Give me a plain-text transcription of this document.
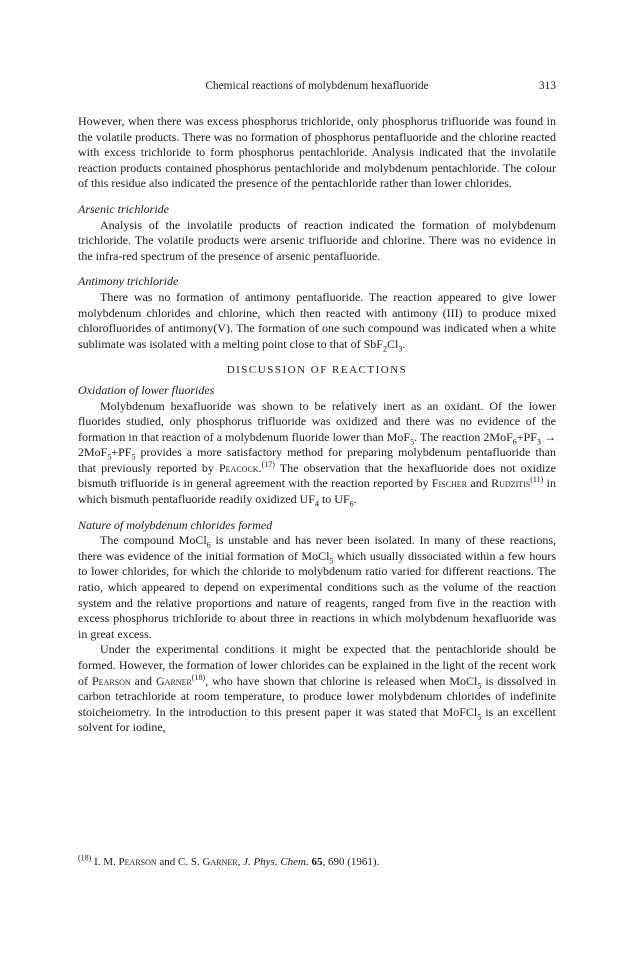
Chemical reactions of molybdenum hexafluoride	313

However, when there was excess phosphorus trichloride, only phosphorus trifluoride was found in the volatile products. There was no formation of phosphorus pentafluoride and the chlorine reacted with excess trichloride to form phosphorus pentachloride. Analysis indicated that the involatile reaction products contained phosphorus pentachloride and molybdenum pentachloride. The colour of this residue also indicated the presence of the pentachloride rather than lower chlorides.

Arsenic trichloride

Analysis of the involatile products of reaction indicated the formation of molybdenum trichloride. The volatile products were arsenic trifluoride and chlorine. There was no evidence in the infra-red spectrum of the presence of arsenic pentafluoride.

Antimony trichloride

There was no formation of antimony pentafluoride. The reaction appeared to give lower molybdenum chlorides and chlorine, which then reacted with antimony (III) to produce mixed chlorofluorides of antimony(V). The formation of one such compound was indicated when a white sublimate was isolated with a melting point close to that of $SbF_2Cl_3$.

DISCUSSION OF REACTIONS

Oxidation of lower fluorides

Molybdenum hexafluoride was shown to be relatively inert as an oxidant. Of the lower fluorides studied, only phosphorus trifluoride was oxidized and there was no evidence of the formation in that reaction of a molybdenum fluoride lower than MoF$_5$. The reaction $2MoF_6+PF_3 \to 2MoF_5+PF_5$ provides a more satisfactory method for preparing molybdenum pentafluoride than that previously reported by Peacock.$^{(17)}$ The observation that the hexafluoride does not oxidize bismuth trifluoride is in general agreement with the reaction reported by Fischer and Rudzitis$^{(11)}$ in which bismuth pentafluoride readily oxidized $UF_4$ to $UF_6$.

Nature of molybdenum chlorides formed

The compound MoCl$_6$ is unstable and has never been isolated. In many of these reactions, there was evidence of the initial formation of MoCl$_5$ which usually dissociated within a few hours to lower chlorides, for which the chloride to molybdenum ratio varied for different reactions. The ratio, which appeared to depend on experimental conditions such as the volume of the reaction system and the relative proportions and nature of reagents, ranged from five in the reaction with excess phosphorus trichloride to about three in reactions in which molybdenum hexafluoride was in great excess.

Under the experimental conditions it might be expected that the pentachloride should be formed. However, the formation of lower chlorides can be explained in the light of the recent work of Pearson and Garner$^{(18)}$, who have shown that chlorine is released when MoCl$_5$ is dissolved in carbon tetrachloride at room temperature, to produce lower molybdenum chlorides of indefinite stoicheiometry. In the introduction to this present paper it was stated that MoFCl$_5$ is an excellent solvent for iodine,

$^{(18)}$ I. M. Pearson and C. S. Garner, J. Phys. Chem. 65, 690 (1961).
